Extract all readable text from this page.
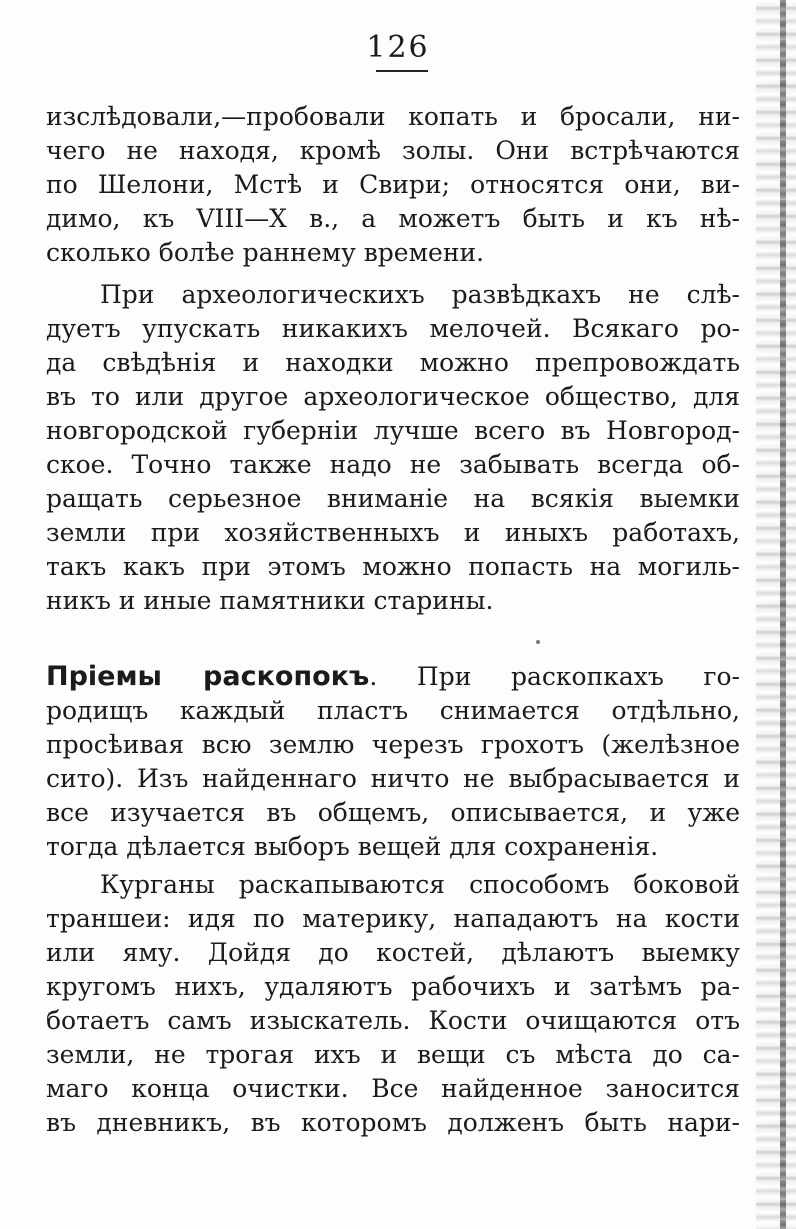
126
изслѣдовали,—пробовали копать и бросали, ни-
чего не находя, кромѣ золы. Они встрѣчаются
по Шелони, Мстѣ и Свири; относятся они, ви-
димо, къ VIII—X в., а можетъ быть и къ нѣ-
сколько болѣе раннему времени.
При археологическихъ развѣдкахъ не слѣ-
дуетъ упускать никакихъ мелочей. Всякаго ро-
да свѣдѣнія и находки можно препровождать
въ то или другое археологическое общество, для
новгородской губерніи лучше всего въ Новгород-
ское. Точно также надо не забывать всегда об-
ращать серьезное вниманіе на всякія выемки
земли при хозяйственныхъ и иныхъ работахъ,
такъ какъ при этомъ можно попасть на могиль-
никъ и иные памятники старины.
Пріемы раскопокъ. При раскопкахъ го-
родищъ каждый пластъ снимается отдѣльно,
просѣивая всю землю черезъ грохотъ (желѣзное
сито). Изъ найденнаго ничто не выбрасывается и
все изучается въ общемъ, описывается, и уже
тогда дѣлается выборъ вещей для сохраненія.
Курганы раскапываются способомъ боковой
траншеи: идя по материку, нападаютъ на кости
или яму. Дойдя до костей, дѣлаютъ выемку
кругомъ нихъ, удаляютъ рабочихъ и затѣмъ ра-
ботаетъ самъ изыскатель. Кости очищаются отъ
земли, не трогая ихъ и вещи съ мѣста до са-
маго конца очистки. Все найденное заносится
въ дневникъ, въ которомъ долженъ быть нари-
